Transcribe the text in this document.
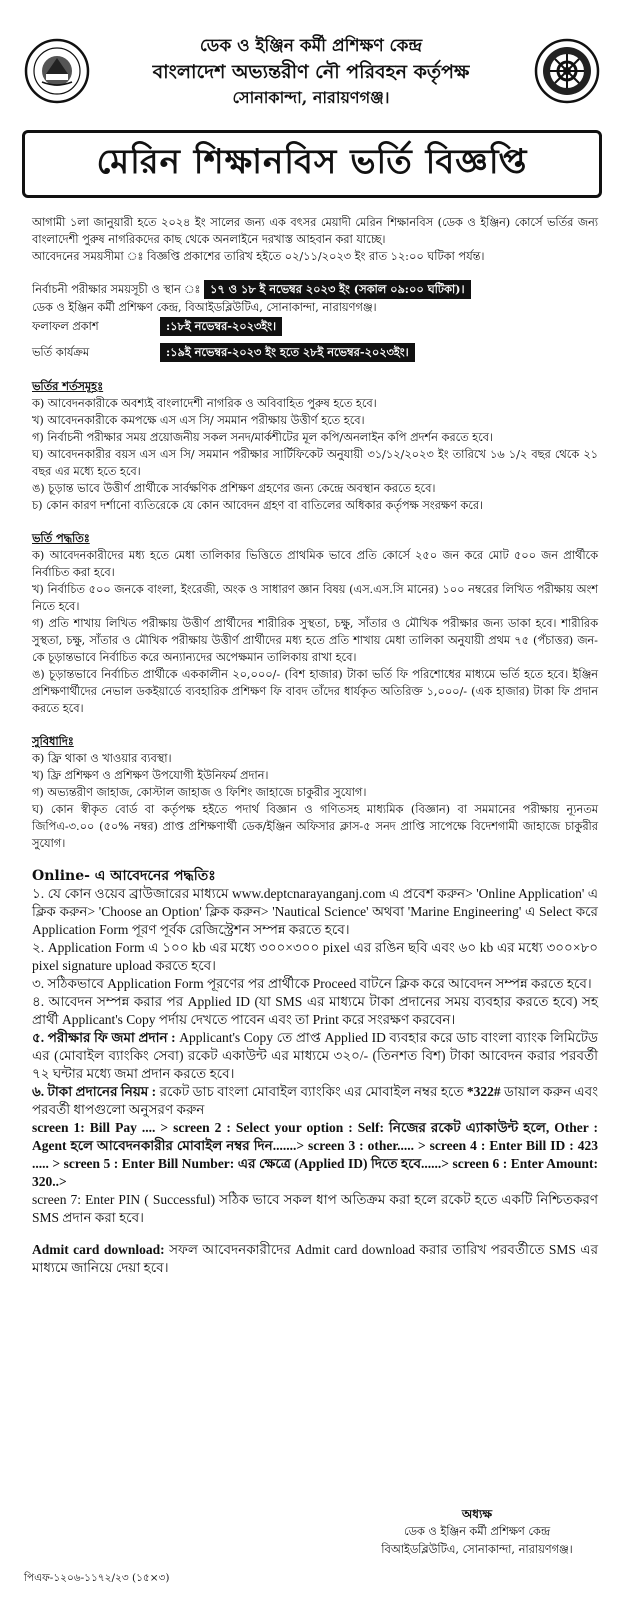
ডেক ও ইঞ্জিন কর্মী প্রশিক্ষণ কেন্দ্র
বাংলাদেশ অভ্যন্তরীণ নৌ পরিবহন কর্তৃপক্ষ
সোনাকান্দা, নারায়ণগঞ্জ।
মেরিন শিক্ষানবিস ভর্তি বিজ্ঞপ্তি
আগামী ১লা জানুয়ারী হতে ২০২৪ ইং সালের জন্য এক বৎসর মেয়াদী মেরিন শিক্ষানবিস (ডেক ও ইঞ্জিন) কোর্সে ভর্তির জন্য বাংলাদেশী পুরুষ নাগরিকদের কাছ থেকে অনলাইনে দরখাস্ত আহবান করা যাচ্ছে।
আবেদনের সময়সীমা ঃ বিজ্ঞপ্তি প্রকাশের তারিখ হইতে ০২/১১/২০২৩ ইং রাত ১২:০০ ঘটিকা পর্যন্ত।
নির্বাচনী পরীক্ষার সময়সূচী ও স্থান ঃ
১৭ ও ১৮ ই নভেম্বর ২০২৩ ইং (সকাল ০৯:০০ ঘটিকা)।
ডেক ও ইঞ্জিন কর্মী প্রশিক্ষণ কেন্দ্র, বিআইডব্লিউটিএ, সোনাকান্দা, নারায়ণগঞ্জ।
ফলাফল প্রকাশ	:১৮ই নভেম্বর-২০২৩ইং।
ভর্তি কার্যক্রম	:১৯ই নভেম্বর-২০২৩ ইং হতে ২৮ই নভেম্বর-২০২৩ইং।
ভর্তির শর্তসমূহঃ
ক) আবেদনকারীকে অবশ্যই বাংলাদেশী নাগরিক ও অবিবাহিত পুরুষ হতে হবে।
খ) আবেদনকারীকে কমপক্ষে এস এস সি/ সমমান পরীক্ষায় উত্তীর্ণ হতে হবে।
গ) নির্বাচনী পরীক্ষার সময় প্রয়োজনীয় সকল সনদ/মার্কশীটের মূল কপি/অনলাইন কপি প্রদর্শন করতে হবে।
ঘ) আবেদনকারীর বয়স এস এস সি/ সমমান পরীক্ষার সার্টিফিকেট অনুযায়ী ৩১/১২/২০২৩ ইং তারিখে ১৬ ১/২ বছর থেকে ২১ বছর এর মধ্যে হতে হবে।
ঙ) চূড়ান্ত ভাবে উত্তীর্ণ প্রার্থীকে সার্বক্ষণিক প্রশিক্ষণ গ্রহণের জন্য কেন্দ্রে অবস্থান করতে হবে।
চ) কোন কারণ দর্শানো ব্যতিরেকে যে কোন আবেদন গ্রহণ বা বাতিলের অধিকার কর্তৃপক্ষ সংরক্ষণ করে।
ভর্তি পদ্ধতিঃ
ক) আবেদনকারীদের মধ্য হতে মেধা তালিকার ভিত্তিতে প্রাথমিক ভাবে প্রতি কোর্সে ২৫০ জন করে মোট ৫০০ জন প্রার্থীকে নির্বাচিত করা হবে।
খ) নির্বাচিত ৫০০ জনকে বাংলা, ইংরেজী, অংক ও সাধারণ জ্ঞান বিষয় (এস.এস.সি মানের) ১০০ নম্বরের লিখিত পরীক্ষায় অংশ নিতে হবে।
গ) প্রতি শাখায় লিখিত পরীক্ষায় উত্তীর্ণ প্রার্থীদের শারীরিক সুস্থতা, চক্ষু, সাঁতার ও মৌখিক পরীক্ষার জন্য ডাকা হবে। শারীরিক সুস্থতা, চক্ষু, সাঁতার ও মৌখিক পরীক্ষায় উত্তীর্ণ প্রার্থীদের মধ্য হতে প্রতি শাখায় মেধা তালিকা অনুযায়ী প্রথম ৭৫ (পঁচাত্তর) জন-কে চূড়ান্তভাবে নির্বাচিত করে অন্যান্যদের অপেক্ষমান তালিকায় রাখা হবে।
ঙ) চূড়ান্তভাবে নির্বাচিত প্রার্থীকে এককালীন ২০,০০০/- (বিশ হাজার) টাকা ভর্তি ফি পরিশোধের মাধ্যমে ভর্তি হতে হবে। ইঞ্জিন প্রশিক্ষণার্থীদের নেভাল ডকইয়ার্ডে ব্যবহারিক প্রশিক্ষণ ফি বাবদ তাঁদের ধার্যকৃত অতিরিক্ত ১,০০০/- (এক হাজার) টাকা ফি প্রদান করতে হবে।
সুবিধাদিঃ
ক) ফ্রি থাকা ও খাওয়ার ব্যবস্থা।
খ) ফ্রি প্রশিক্ষণ ও প্রশিক্ষণ উপযোগী ইউনিফর্ম প্রদান।
গ) অভ্যন্তরীণ জাহাজ, কোস্টাল জাহাজ ও ফিশিং জাহাজে চাকুরীর সুযোগ।
ঘ) কোন স্বীকৃত বোর্ড বা কর্তৃপক্ষ হইতে পদার্থ বিজ্ঞান ও গণিতসহ মাধ্যমিক (বিজ্ঞান) বা সমমানের পরীক্ষায় ন্যূনতম জিপিএ-৩.০০ (৫০% নম্বর) প্রাপ্ত প্রশিক্ষণার্থী ডেক/ইঞ্জিন অফিসার ক্লাস-৫ সনদ প্রাপ্তি সাপেক্ষে বিদেশগামী জাহাজে চাকুরীর সুযোগ।
Online- এ আবেদনের পদ্ধতিঃ
১. যে কোন ওয়েব ব্রাউজারের মাধ্যমে www.deptcnarayanganj.com এ প্রবেশ করুন> 'Online Application' এ ক্লিক করুন> 'Choose an Option' ক্লিক করুন> 'Nautical Science' অথবা 'Marine Engineering' এ Select করে Application Form পূরণ পূর্বক রেজিস্ট্রেশন সম্পন্ন করতে হবে।
২. Application Form এ ১০০ kb এর মধ্যে ৩০০×৩০০ pixel এর রঙিন ছবি এবং ৬০ kb এর মধ্যে ৩০০×৮০ pixel signature upload করতে হবে।
৩. সঠিকভাবে Application Form পূরণের পর প্রার্থীকে Proceed বাটনে ক্লিক করে আবেদন সম্পন্ন করতে হবে।
৪. আবেদন সম্পন্ন করার পর Applied ID (যা SMS এর মাধ্যমে টাকা প্রদানের সময় ব্যবহার করতে হবে) সহ প্রার্থী Applicant's Copy পর্দায় দেখতে পাবেন এবং তা Print করে সংরক্ষণ করবেন।
৫. পরীক্ষার ফি জমা প্রদান : Applicant's Copy তে প্রাপ্ত Applied ID ব্যবহার করে ডাচ বাংলা ব্যাংক লিমিটেড এর (মোবাইল ব্যাংকিং সেবা) রকেট একাউন্ট এর মাধ্যমে ৩২০/- (তিনশত বিশ) টাকা আবেদন করার পরবর্তী ৭২ ঘন্টার মধ্যে জমা প্রদান করতে হবে।
৬. টাকা প্রদানের নিয়ম : রকেট ডাচ বাংলা মোবাইল ব্যাংকিং এর মোবাইল নম্বর হতে *322# ডায়াল করুন এবং পরবর্তী ধাপগুলো অনুসরণ করুন
screen 1: Bill Pay .... > screen 2 : Select your option : Self: নিজের রকেট এ্যাকাউন্ট হলে, Other : Agent হলে আবেদনকারীর মোবাইল নম্বর দিন.......> screen 3 : other..... > screen 4 : Enter Bill ID : 423 ..... > screen 5 : Enter Bill Number: এর ক্ষেত্রে (Applied ID) দিতে হবে......> screen 6 : Enter Amount: 320..>
screen 7: Enter PIN ( Successful) সঠিক ভাবে সকল ধাপ অতিক্রম করা হলে রকেট হতে একটি নিশ্চিতকরণ SMS প্রদান করা হবে।
Admit card download: সফল আবেদনকারীদের Admit card download করার তারিখ পরবর্তীতে SMS এর মাধ্যমে জানিয়ে দেয়া হবে।
অধ্যক্ষ
ডেক ও ইঞ্জিন কর্মী প্রশিক্ষণ কেন্দ্র
বিআইডব্লিউটিএ, সোনাকান্দা, নারায়ণগঞ্জ।
পিএফ-১২০৬-১১৭২/২৩ (১৫×৩)
